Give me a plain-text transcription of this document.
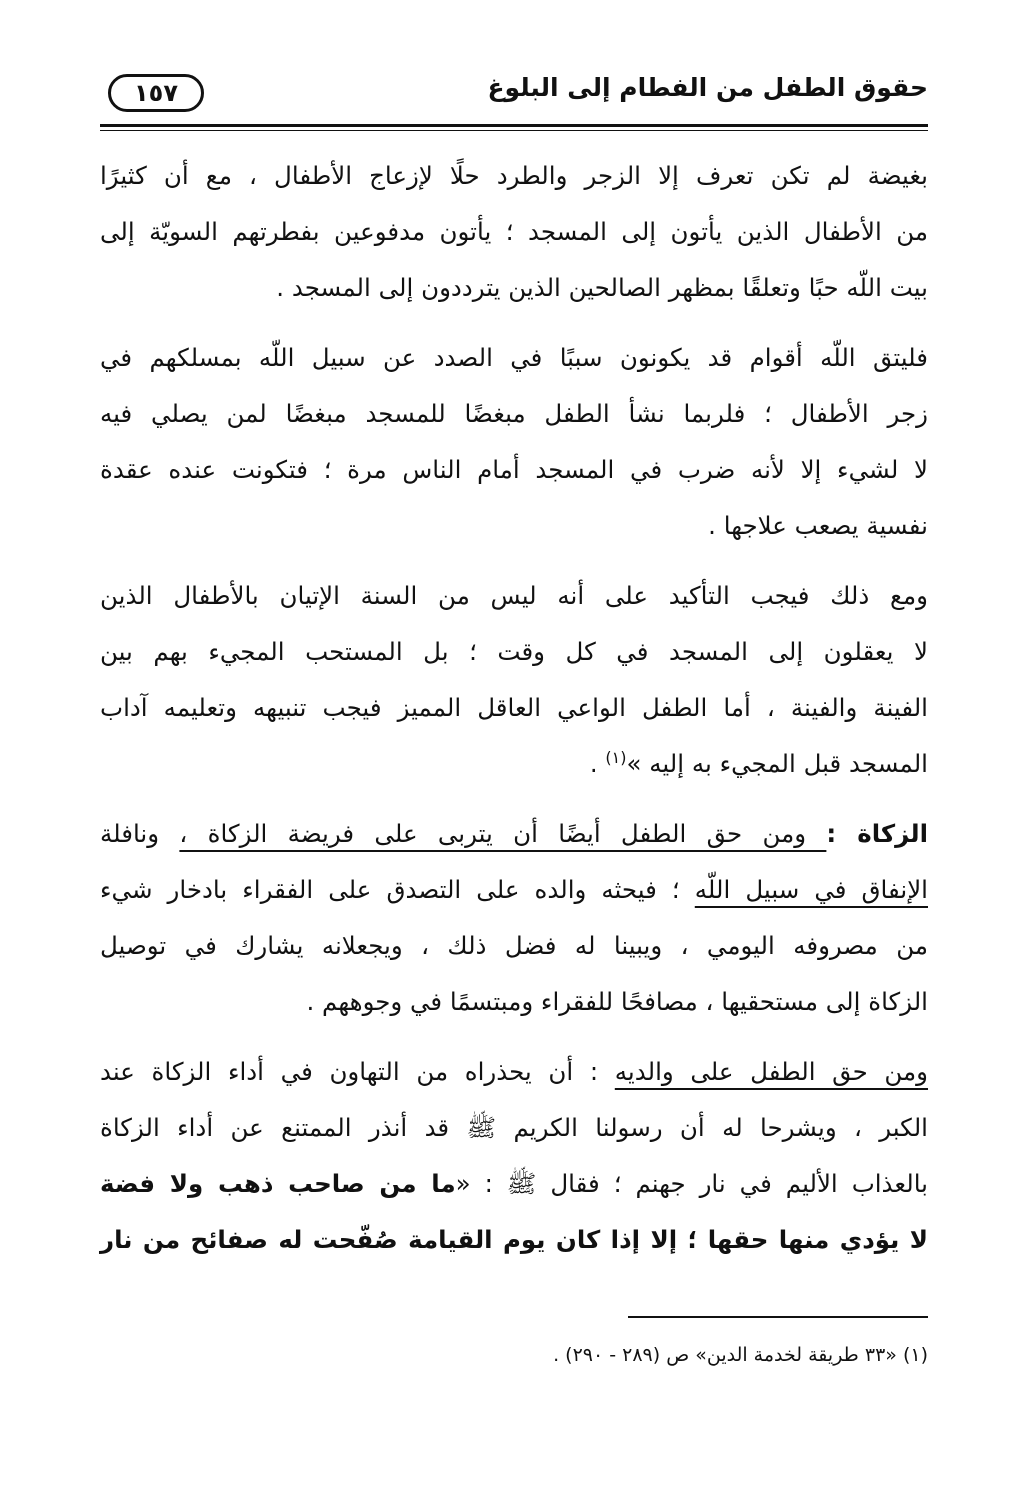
حقوق الطفل من الفطام إلى البلوغ
١٥٧
بغيضة لم تكن تعرف إلا الزجر والطرد حلًا لإزعاج الأطفال ، مع أن كثيرًا
من الأطفال الذين يأتون إلى المسجد ؛ يأتون مدفوعين بفطرتهم السويّة إلى
بيت اللّه حبًا وتعلقًا بمظهر الصالحين الذين يترددون إلى المسجد .
فليتق اللّه أقوام قد يكونون سببًا في الصدد عن سبيل اللّه بمسلكهم في
زجر الأطفال ؛ فلربما نشأ الطفل مبغضًا للمسجد مبغضًا لمن يصلي فيه
لا لشيء إلا لأنه ضرب في المسجد أمام الناس مرة ؛ فتكونت عنده عقدة
نفسية يصعب علاجها .
ومع ذلك فيجب التأكيد على أنه ليس من السنة الإتيان بالأطفال الذين
لا يعقلون إلى المسجد في كل وقت ؛ بل المستحب المجيء بهم بين
الفينة والفينة ، أما الطفل الواعي العاقل المميز فيجب تنبيهه وتعليمه آداب
المسجد قبل المجيء به إليه »$^{(١)}$ .
الزكاة : ومن حق الطفل أيضًا أن يتربى على فريضة الزكاة ، ونافلة
الإنفاق في سبيل اللّه ؛ فيحثه والده على التصدق على الفقراء بادخار شيء
من مصروفه اليومي ، ويبينا له فضل ذلك ، ويجعلانه يشارك في توصيل
الزكاة إلى مستحقيها ، مصافحًا للفقراء ومبتسمًا في وجوههم .
ومن حق الطفل على والديه : أن يحذراه من التهاون في أداء الزكاة عند
الكبر ، ويشرحا له أن رسولنا الكريم ﷺ قد أنذر الممتنع عن أداء الزكاة
بالعذاب الأليم في نار جهنم ؛ فقال ﷺ : «ما من صاحب ذهب ولا فضة
لا يؤدي منها حقها ؛ إلا إذا كان يوم القيامة صُفّحت له صفائح من نار
(١) «٣٣ طريقة لخدمة الدين» ص (٢٨٩ - ٢٩٠) .
